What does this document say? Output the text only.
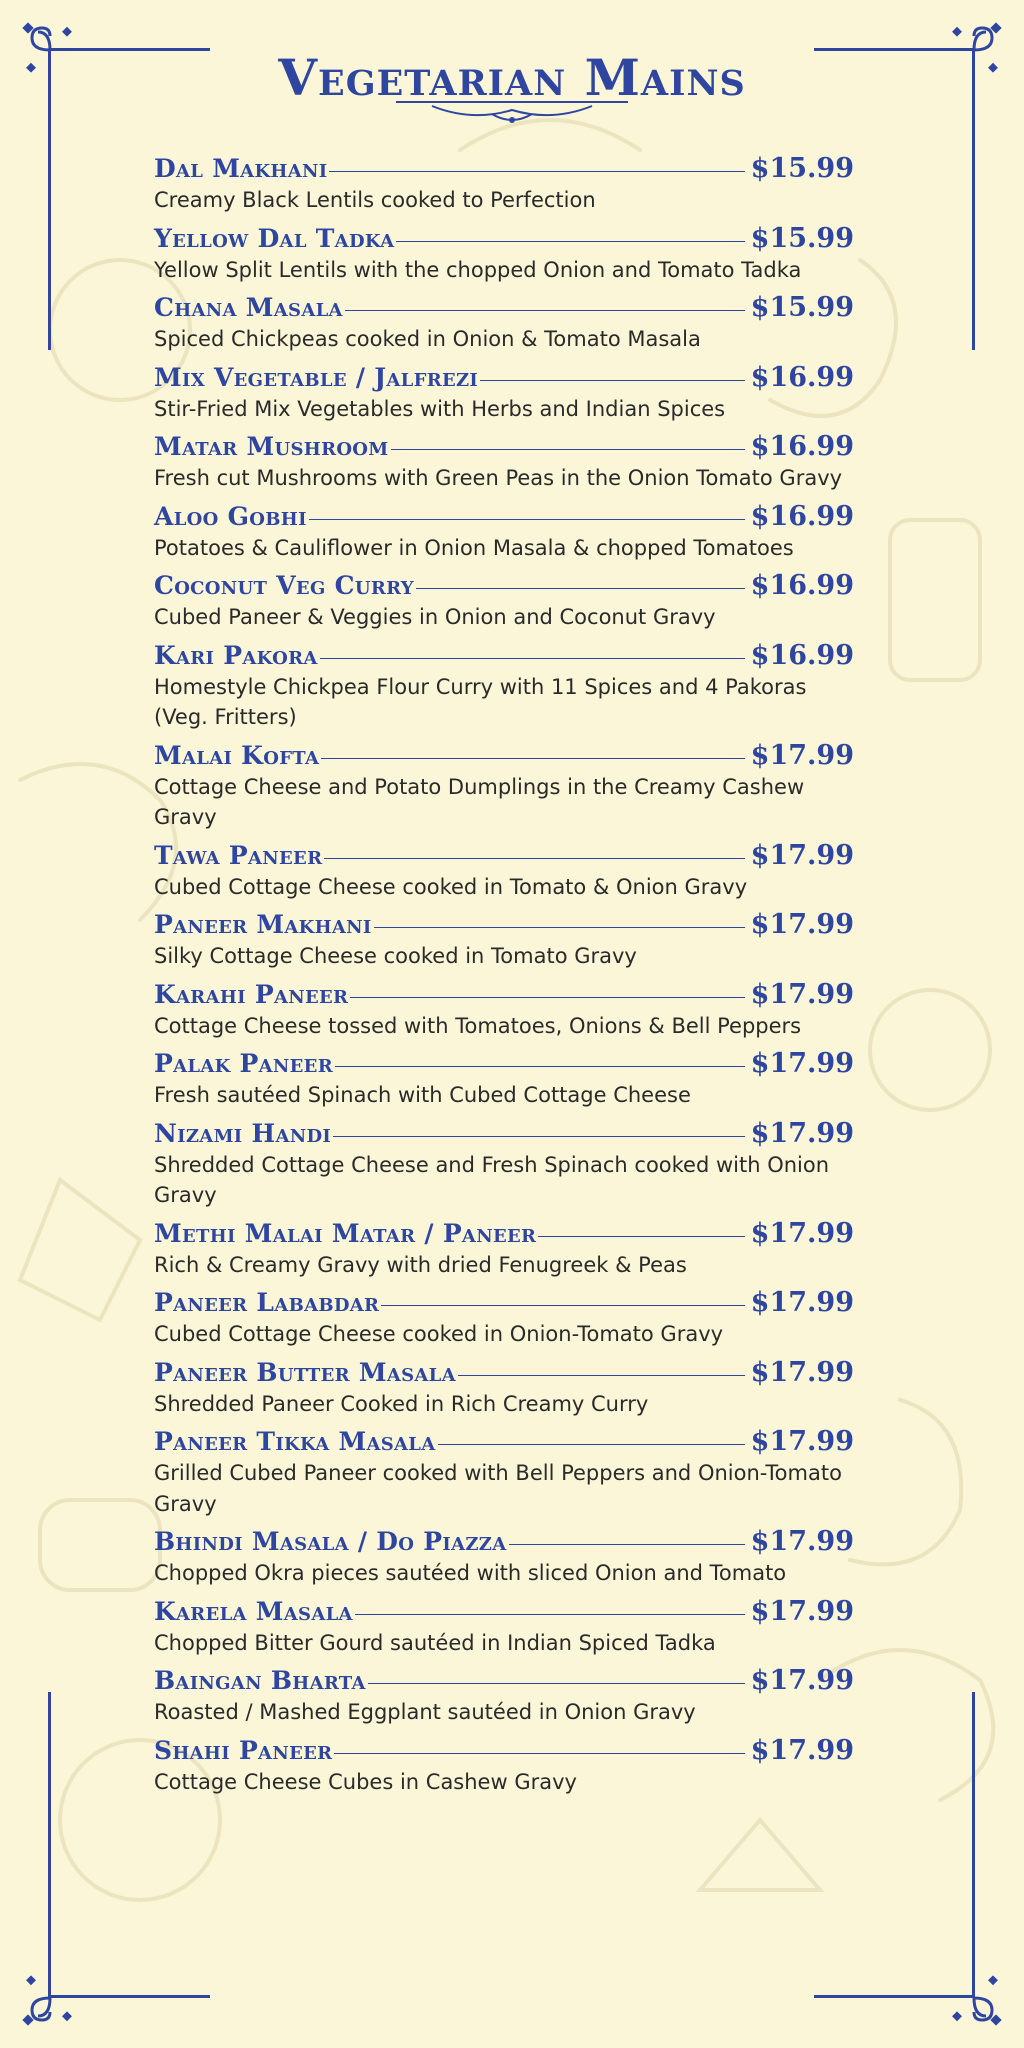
Vegetarian Mains
Dal Makhani	$15.99
Creamy Black Lentils cooked to Perfection
Yellow Dal Tadka	$15.99
Yellow Split Lentils with the chopped Onion and Tomato Tadka
Chana Masala	$15.99
Spiced Chickpeas cooked in Onion & Tomato Masala
Mix Vegetable / Jalfrezi	$16.99
Stir-Fried Mix Vegetables with Herbs and Indian Spices
Matar Mushroom	$16.99
Fresh cut Mushrooms with Green Peas in the Onion Tomato Gravy
Aloo Gobhi	$16.99
Potatoes & Cauliflower in Onion Masala & chopped Tomatoes
Coconut Veg Curry	$16.99
Cubed Paneer & Veggies in Onion and Coconut Gravy
Kari Pakora	$16.99
Homestyle Chickpea Flour Curry with 11 Spices and 4 Pakoras (Veg. Fritters)
Malai Kofta	$17.99
Cottage Cheese and Potato Dumplings in the Creamy Cashew Gravy
Tawa Paneer	$17.99
Cubed Cottage Cheese cooked in Tomato & Onion Gravy
Paneer Makhani	$17.99
Silky Cottage Cheese cooked in Tomato Gravy
Karahi Paneer	$17.99
Cottage Cheese tossed with Tomatoes, Onions & Bell Peppers
Palak Paneer	$17.99
Fresh sautéed Spinach with Cubed Cottage Cheese
Nizami Handi	$17.99
Shredded Cottage Cheese and Fresh Spinach cooked with Onion Gravy
Methi Malai Matar / Paneer	$17.99
Rich & Creamy Gravy with dried Fenugreek & Peas
Paneer Lababdar	$17.99
Cubed Cottage Cheese cooked in Onion-Tomato Gravy
Paneer Butter Masala	$17.99
Shredded Paneer Cooked in Rich Creamy Curry
Paneer Tikka Masala	$17.99
Grilled Cubed Paneer cooked with Bell Peppers and Onion-Tomato Gravy
Bhindi Masala / Do Piazza	$17.99
Chopped Okra pieces sautéed with sliced Onion and Tomato
Karela Masala	$17.99
Chopped Bitter Gourd sautéed in Indian Spiced Tadka
Baingan Bharta	$17.99
Roasted / Mashed Eggplant sautéed in Onion Gravy
Shahi Paneer	$17.99
Cottage Cheese Cubes in Cashew Gravy
